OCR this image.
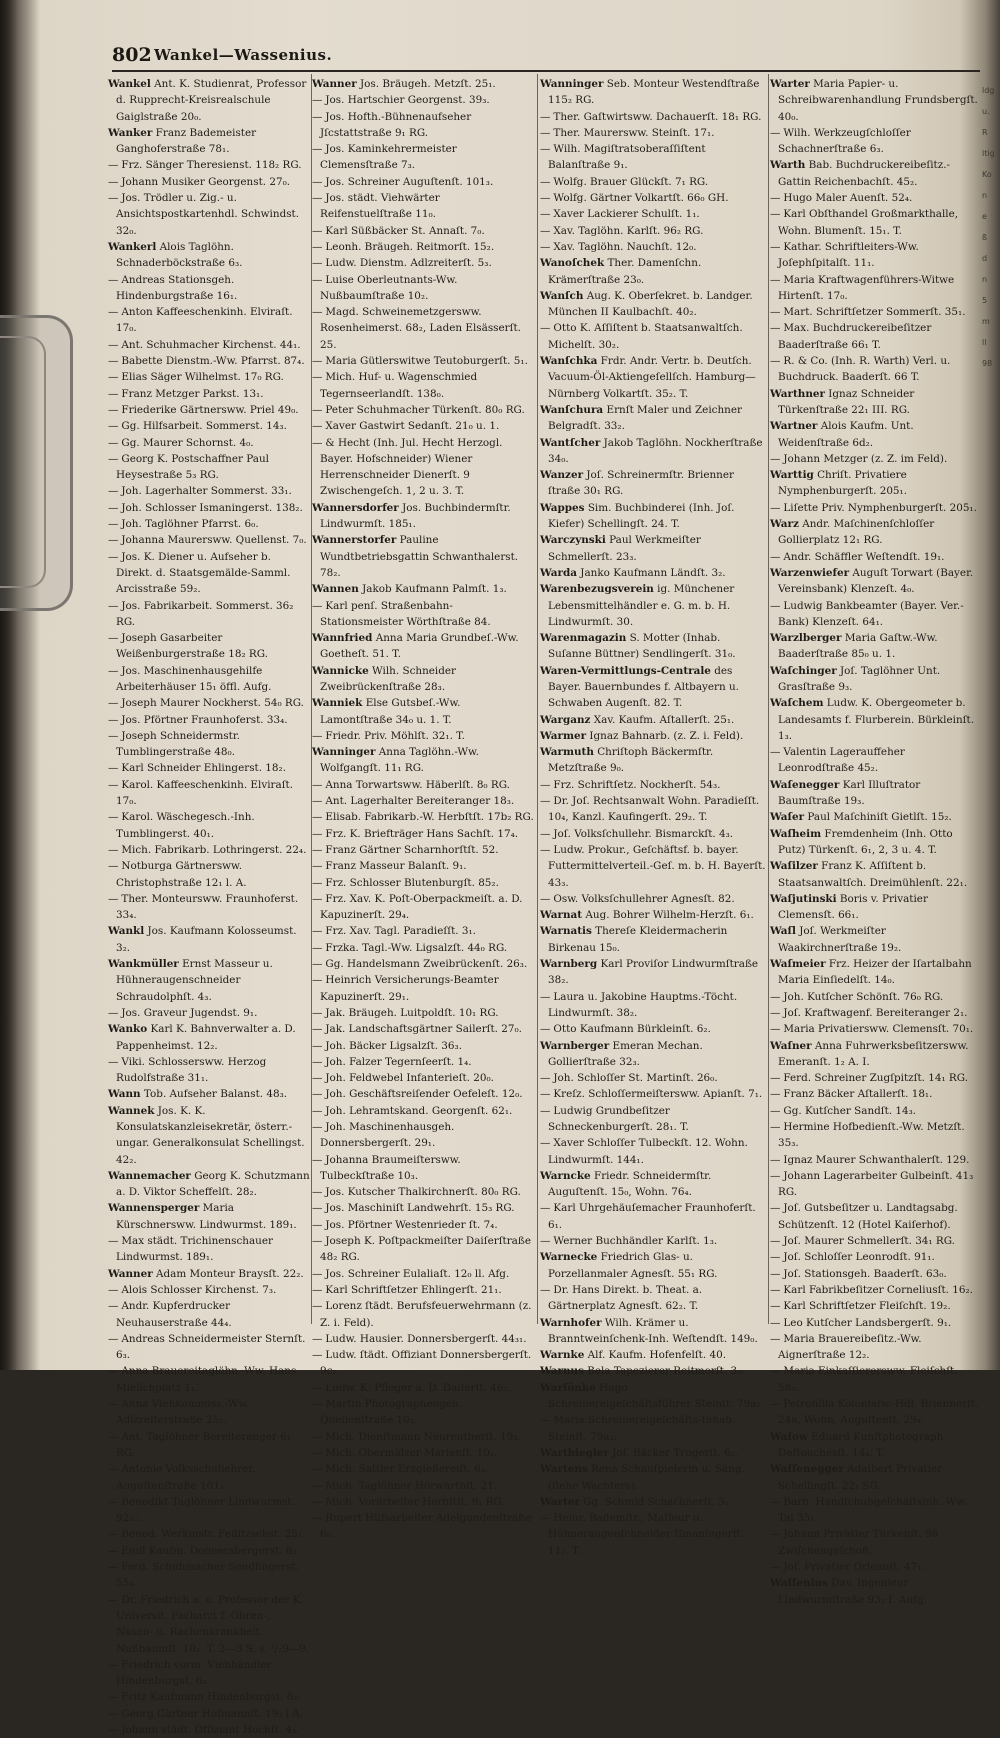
802 Wankel—Wassenius.
Wankel Ant. K. Studienrat, Professor d. Rupprecht-Kreisrealschule Gaiglstraße 20₀.
Wanker Franz Bademeister Ganghoferstraße 78₁.
— Frz. Sänger Theresienst. 118₂ RG.
— Johann Musiker Georgenst. 27₀.
— Jos. Trödler u. Zig.- u. Ansichtspostkartenhdl. Schwindst. 32₀.
Wankerl Alois Taglöhn. Schnaderböckstraße 6₃.
— Andreas Stationsgeh. Hindenburgstraße 16₁.
— Anton Kaffeeschenkinh. Elviraſt. 17₀.
— Ant. Schuhmacher Kirchenst. 44₁.
— Babette Dienstm.-Ww. Pfarrst. 87₄.
— Elias Säger Wilhelmst. 17₀ RG.
— Franz Metzger Parkst. 13₁.
— Friederike Gärtnersww. Priel 49₀.
— Gg. Hilfsarbeit. Sommerst. 14₃.
— Gg. Maurer Schornst. 4₀.
— Georg K. Postschaffner Paul Heysestraße 5₃ RG.
— Joh. Lagerhalter Sommerst. 33₁.
— Joh. Schlosser Ismaningerst. 138₂.
— Joh. Taglöhner Pfarrst. 6₀.
— Johanna Maurersww. Quellenst. 7₀.
— Jos. K. Diener u. Aufseher b. Direkt. d. Staatsgemälde-Samml. Arcisstraße 59₂.
— Jos. Fabrikarbeit. Sommerst. 36₂ RG.
— Joseph Gasarbeiter Weißenburgerstraße 18₂ RG.
— Jos. Maschinenhausgehilfe Arbeiterhäuser 15₁ öffl. Aufg.
— Joseph Maurer Nockherst. 54₀ RG.
— Jos. Pförtner Fraunhoferst. 33₄.
— Joseph Schneidermstr. Tumblingerstraße 48₀.
— Karl Schneider Ehlingerst. 18₂.
— Karol. Kaffeeschenkinh. Elviraſt. 17₀.
— Karol. Wäschegesch.-Inh. Tumblingerst. 40₁.
— Mich. Fabrikarb. Lothringerst. 22₄.
— Notburga Gärtnersww. Christophstraße 12₁ l. A.
— Ther. Monteursww. Fraunhoferst. 33₄.
Wankl Jos. Kaufmann Kolosseumst. 3₂.
Wankmüller Ernst Masseur u. Hühneraugenschneider Schraudolphſt. 4₃.
— Jos. Graveur Jugendst. 9₁.
Wanko Karl K. Bahnverwalter a. D. Pappenheimst. 12₂.
— Viki. Schlossersww. Herzog Rudolfstraße 31₁.
Wann Tob. Aufseher Balanst. 48₃.
Wannek Jos. K. K. Konsulatskanzleisekretär, österr.-ungar. Generalkonsulat Schellingst. 42₂.
Wannemacher Georg K. Schutzmann a. D. Viktor Scheffelſt. 28₂.
Wannensperger Maria Kürschnersww. Lindwurmst. 189₁.
— Max städt. Trichinenschauer Lindwurmst. 189₁.
Wanner Adam Monteur Braysſt. 22₂.
— Alois Schlosser Kirchenst. 7₃.
— Andr. Kupferdrucker Neuhauserstraße 44₄.
— Andreas Schneidermeister Sternſt. 6₃.
— Anna Brauereitaglöhn.-Ww. Hans Mielichplatz 1₁.
— Anna Viehkommiss.-Ww. Adlzreiterstraße 25₂.
— Ant. Taglöhner Bereiteranger 6₁ RG.
— Antonie Volksschullehrer. Auguſtenſtraße 101₃.
— Benedikt Taglöhner Lindwurmst. 92₃₂.
— Bened. Werkmstr. Feilitzschst. 25₁.
— Emil Kaufm. Donnersbergerst. 8₃.
— Ferd. Schuhmacher Sendlingerst. 55₄.
— Dr. Friedrich a. o. Professor der K. Universit. Facharzt f. Ohren-, Nasen- u. Rachenkrankheit. Nußbaumſt. 10₂. T. 2—3 S. v. ¹/₂9—9.
— Friedrich vorm. Viehhändler Hindenburgst. 6₂.
— Fritz Kaufmann Hindenburgst. 6₂.
— Georg Gärtner Hofmannſt. 19₃ l A.
— Johann städt. Offiziant Hochſt. 4₃.
Wanner Jos. Bräugeh. Metzſt. 25₁.
— Jos. Hartschier Georgenst. 39₃.
— Jos. Hofth.-Bühnenaufseher Jſcstattstraße 9₁ RG.
— Jos. Kaminkehrermeister Clemensſtraße 7₃.
— Jos. Schreiner Auguſtenſt. 101₃.
— Jos. städt. Viehwärter Reifenstuelſtraße 11₀.
— Karl Süßbäcker St. Annaſt. 7₀.
— Leonh. Bräugeh. Reitmorſt. 15₂.
— Ludw. Dienstm. Adlzreiterſt. 5₃.
— Luise Oberleutnants-Ww. Nußbaumſtraße 10₂.
— Magd. Schweinemetzgersww. Rosenheimerst. 68₂, Laden Elsässerſt. 25.
— Maria Gütlerswitwe Teutoburgerſt. 5₁.
— Mich. Huf- u. Wagenschmied Tegernseerlandſt. 138₀.
— Peter Schuhmacher Türkenſt. 80₀ RG.
— Xaver Gastwirt Sedanſt. 21₀ u. 1.
— & Hecht (Inh. Jul. Hecht Herzogl. Bayer. Hofschneider) Wiener Herrenschneider Dienerſt. 9 Zwischengeſch. 1, 2 u. 3. T.
Wannersdorfer Jos. Buchbindermſtr. Lindwurmſt. 185₁.
Wannerstorfer Pauline Wundtbetriebsgattin Schwanthalerst. 78₂.
Wannen Jakob Kaufmann Palmſt. 1₃.
— Karl penſ. Straßenbahn-Stationsmeister Wörthſtraße 84.
Wannfried Anna Maria Grundbeſ.-Ww. Goetheſt. 51. T.
Wannicke Wilh. Schneider Zweibrückenſtraße 28₃.
Wanniek Else Gutsbeſ.-Ww. Lamontſtraße 34₀ u. 1. T.
— Friedr. Priv. Möhlſt. 32₁. T.
Wanninger Anna Taglöhn.-Ww. Wolfgangſt. 11₁ RG.
— Anna Torwartsww. Häberlſt. 8₀ RG.
— Ant. Lagerhalter Bereiteranger 18₃.
— Elisab. Fabrikarb.-W. Herbſtſt. 17b₂ RG.
— Frz. K. Briefträger Hans Sachſt. 17₄.
— Franz Gärtner Scharnhorſtſt. 52.
— Franz Masseur Balanſt. 9₁.
— Frz. Schlosser Blutenburgſt. 85₂.
— Frz. Xav. K. Poſt-Oberpackmeiſt. a. D. Kapuzinerſt. 29₄.
— Frz. Xav. Tagl. Paradieſſt. 3₁.
— Frzka. Tagl.-Ww. Ligsalzſt. 44₀ RG.
— Gg. Handelsmann Zweibrückenſt. 26₃.
— Heinrich Versicherungs-Beamter Kapuzinerſt. 29₁.
— Jak. Bräugeh. Luitpoldſt. 10₁ RG.
— Jak. Landschaftsgärtner Sailerſt. 27₀.
— Joh. Bäcker Ligsalzſt. 36₃.
— Joh. Falzer Tegernſeerſt. 1₄.
— Joh. Feldwebel Infanterieſt. 20₀.
— Joh. Geschäftsreiſender Oefeleſt. 12₀.
— Joh. Lehramtskand. Georgenſt. 62₁.
— Joh. Maschinenhausgeh. Donnersbergerſt. 29₁.
— Johanna Braumeiſtersww. Tulbeckſtraße 10₃.
— Jos. Kutscher Thalkirchnerſt. 80₀ RG.
— Jos. Maschiniſt Landwehrſt. 15₃ RG.
— Jos. Pförtner Westenrieder ſt. 7₄.
— Joseph K. Poſtpackmeiſter Daiſerſtraße 48₂ RG.
— Jos. Schreiner Eulaliaſt. 12₀ ll. Afg.
— Karl Schriftſetzer Ehlingerſt. 21₁.
— Lorenz ſtädt. Berufsfeuerwehrmann (z. Z. i. Feld).
— Ludw. Hausier. Donnersbergerſt. 44₃₁.
— Ludw. ſtädt. Offiziant Donnersbergerſt. 9c₂.
— Ludw. K. Pfleger a. D. Daiſerſt. 46₂.
— Martin Photographengeh. Quellenſtraße 10₃.
— Mich. Dienſtmann Neureutherſt. 19₃.
— Mich. Obermälzer Marienſt. 10₁.
— Mich. Sattler Erzgießereiſt. 6₃.
— Mich. Taglöhner Hörwarthſt. 21.
— Mich. Vorarbeiter Herbſtſt. 9₁ RG.
— Rupert Hilfsarbeiter Adelgundenſtraße 6₀.
Wanninger Seb. Monteur Westendſtraße 115₂ RG.
— Ther. Gaſtwirtsww. Dachauerſt. 18₁ RG.
— Ther. Maurersww. Steinſt. 17₁.
— Wilh. Magiſtratsoberaſſiſtent Balanſtraße 9₁.
— Wolfg. Brauer Glückſt. 7₁ RG.
— Wolfg. Gärtner Volkartſt. 66₀ GH.
— Xaver Lackierer Schulſt. 1₁.
— Xav. Taglöhn. Karlſt. 96₂ RG.
— Xav. Taglöhn. Nauchſt. 12₀.
Wanoſchek Ther. Damenſchn. Krämerſtraße 23₀.
Wanſch Aug. K. Oberſekret. b. Landger. München II Kaulbachſt. 40₂.
— Otto K. Aſſiſtent b. Staatsanwaltſch. Michelſt. 30₂.
Wanſchka Frdr. Andr. Vertr. b. Deutſch. Vacuum-Öl-Aktiengeſellſch. Hamburg—Nürnberg Volkartſt. 35₂. T.
Wanſchura Ernſt Maler und Zeichner Belgradſt. 33₂.
Wantſcher Jakob Taglöhn. Nockherſtraße 34₀.
Wanzer Joſ. Schreinermſtr. Brienner ſtraße 30₁ RG.
Wappes Sim. Buchbinderei (Inh. Joſ. Kiefer) Schellingſt. 24. T.
Warczynski Paul Werkmeiſter Schmellerſt. 23₃.
Warda Janko Kaufmann Ländſt. 3₂.
Warenbezugsverein ig. Münchener Lebensmittelhändler e. G. m. b. H. Lindwurmſt. 30.
Warenmagazin S. Motter (Inhab. Suſanne Büttner) Sendlingerſt. 31₀.
Waren-Vermittlungs-Centrale des Bayer. Bauernbundes f. Altbayern u. Schwaben Augenſt. 82. T.
Warganz Xav. Kaufm. Aſtallerſt. 25₁.
Warmer Ignaz Bahnarb. (z. Z. i. Feld).
Warmuth Chriſtoph Bäckermſtr. Metzſtraße 9₀.
— Frz. Schriftſetz. Nockherſt. 54₃.
— Dr. Joſ. Rechtsanwalt Wohn. Paradieſſt. 10₄, Kanzl. Kaufingerſt. 29₂. T.
— Joſ. Volksſchullehr. Bismarckſt. 4₃.
— Ludw. Prokur., Geſchäftsf. b. bayer. Futtermittelverteil.-Geſ. m. b. H. Bayerſt. 43₃.
— Osw. Volksſchullehrer Agnesſt. 82.
Warnat Aug. Bohrer Wilhelm-Herzſt. 6₁.
Warnatis Thereſe Kleidermacherin Birkenau 15₀.
Warnberg Karl Proviſor Lindwurmſtraße 38₂.
— Laura u. Jakobine Hauptms.-Töcht. Lindwurmſt. 38₂.
— Otto Kaufmann Bürkleinſt. 6₂.
Warnberger Emeran Mechan. Gollierſtraße 32₃.
— Joh. Schloſſer St. Martinſt. 26₀.
— Kreſz. Schloſſermeiſtersww. Apianſt. 7₁.
— Ludwig Grundbeſitzer Schneckenburgerſt. 28₁. T.
— Xaver Schloſſer Tulbeckſt. 12. Wohn. Lindwurmſt. 144₁.
Warncke Friedr. Schneidermſtr. Auguſtenſt. 15₀, Wohn. 76₄.
— Karl Uhrgehäuſemacher Fraunhoferſt. 6₁.
— Werner Buchhändler Karlſt. 1₃.
Warnecke Friedrich Glas- u. Porzellanmaler Agnesſt. 55₁ RG.
— Dr. Hans Direkt. b. Theat. a. Gärtnerplatz Agnesſt. 62₂. T.
Warnhofer Wilh. Krämer u. Branntweinſchenk-Inh. Weſtendſt. 149₀.
Warnke Alf. Kaufm. Hofenfelſt. 40.
Warnus Bela Tapezierer Reitmorſt. 3₂.
Warſönke Hugo Schreinereigeſchäftsführer Steinſt. 79a₂.
— Maria Schreinereigeſchäfts-Inhab. Steinſt. 79a₂.
Wartbiegler Joſ. Bäcker Trogerſt. 6₂.
Wartens Rena Schauſpielerin u. Säng. (ſiehe Wachters).
Warter Gg. Schmid Schachnerſt. 3₁.
— Heinr. Bademſtr., Maſſeur u. Hühneraugenſchneider Iſmaningerſt. 11₂. T.
Warter Maria Papier- u. Schreibwarenhandlung Frundsbergſt. 40₀.
— Wilh. Werkzeugſchloſſer Schachnerſtraße 6₃.
Warth Bab. Buchdruckereibeſitz.-Gattin Reichenbachſt. 45₂.
— Hugo Maler Auenſt. 52₄.
— Karl Obſthandel Großmarkthalle, Wohn. Blumenſt. 15₁. T.
— Kathar. Schriftleiters-Ww. Joſephſpitalſt. 11₁.
— Maria Kraftwagenführers-Witwe Hirtenſt. 17₀.
— Mart. Schriftſetzer Sommerſt. 35₁.
— Max. Buchdruckereibeſitzer Baaderſtraße 66₁ T.
— R. & Co. (Inh. R. Warth) Verl. u. Buchdruck. Baaderſt. 66 T.
Warthner Ignaz Schneider Türkenſtraße 22₁ III. RG.
Wartner Alois Kaufm. Unt. Weidenſtraße 6d₂.
— Johann Metzger (z. Z. im Feld).
Warttig Chriſt. Privatiere Nymphenburgerſt. 205₁.
— Liſette Priv. Nymphenburgerſt. 205₁.
Warz Andr. Maſchinenſchloſſer Gollierplatz 12₁ RG.
— Andr. Schäffler Weſtendſt. 19₁.
Warzenwiefer Auguſt Torwart (Bayer. Vereinsbank) Klenzeſt. 4₀.
— Ludwig Bankbeamter (Bayer. Ver.-Bank) Klenzeſt. 64₁.
Warzlberger Maria Gaſtw.-Ww. Baaderſtraße 85₀ u. 1.
Waſchinger Joſ. Taglöhner Unt. Grasſtraße 9₃.
Waſchem Ludw. K. Obergeometer b. Landesamts f. Flurberein. Bürkleinſt. 1₃.
— Valentin Lagerauffeher Leonrodſtraße 45₂.
Waſenegger Karl Illuſtrator Baumſtraße 19₃.
Waſer Paul Maſchiniſt Gietlſt. 15₂.
Waſheim Fremdenheim (Inh. Otto Putz) Türkenſt. 6₁, 2, 3 u. 4. T.
Waſilzer Franz K. Aſſiſtent b. Staatsanwaltſch. Dreimühlenſt. 22₁.
Waſjutinski Boris v. Privatier Clemensſt. 66₁.
Waſl Joſ. Werkmeiſter Waakirchnerſtraße 19₂.
Waſmeier Frz. Heizer der Iſartalbahn Maria Einſiedelſt. 14₀.
— Joh. Kutſcher Schönſt. 76₀ RG.
— Joſ. Kraftwagenf. Bereiteranger 2₁.
— Maria Privatiersww. Clemensſt. 70₁.
Waſner Anna Fuhrwerksbeſitzersww. Emeranſt. 1₂ A. I.
— Ferd. Schreiner Zugſpitzſt. 14₁ RG.
— Franz Bäcker Aſtallerſt. 18₁.
— Gg. Kutſcher Sandſt. 14₃.
— Hermine Hofbedienſt.-Ww. Metzſt. 35₃.
— Ignaz Maurer Schwanthalerſt. 129.
— Johann Lagerarbeiter Gulbeinſt. 41₃ RG.
— Joſ. Gutsbeſitzer u. Landtagsabg. Schützenſt. 12 (Hotel Kaiſerhof).
— Joſ. Maurer Schmellerſt. 34₁ RG.
— Joſ. Schloſſer Leonrodſt. 91₁.
— Joſ. Stationsgeh. Baaderſt. 63₀.
— Karl Fabrikbeſitzer Corneliusſt. 16₂.
— Karl Schriftſetzer Fleiſchſt. 19₂.
— Leo Kutſcher Landsbergerſt. 9₁.
— Maria Brauereibeſitz.-Ww. Aignerſtraße 12₂.
— Maria Einkaſſierersww. Fleiſchſt. 58₃.
— Petronilla Kolonialw.-Hdl. Briennerſt. 24a, Wohn. Auguſtenſt. 29₄.
Waſow Eduard Kunſtphotograph Deſtouchesſt. 14₄. T.
Waſſenegger Adalbert Privatier Schellingſt. 22₁ SG.
— Barb. Handſchuhgeſchäftsinh.-Ww. Tal 35₁.
— Johann Privatier Türkenſt. 98 Zwiſchengeſchoß.
— Joſ. Privatier Orleanſt. 47₁.
Waſſenius Dav. Ingenieur Lindwurmſtraße 93₂ I. Aufg.
ldg
u.
R
ltig
Ko
n
e
ß
d
n
5
m
ll
98
